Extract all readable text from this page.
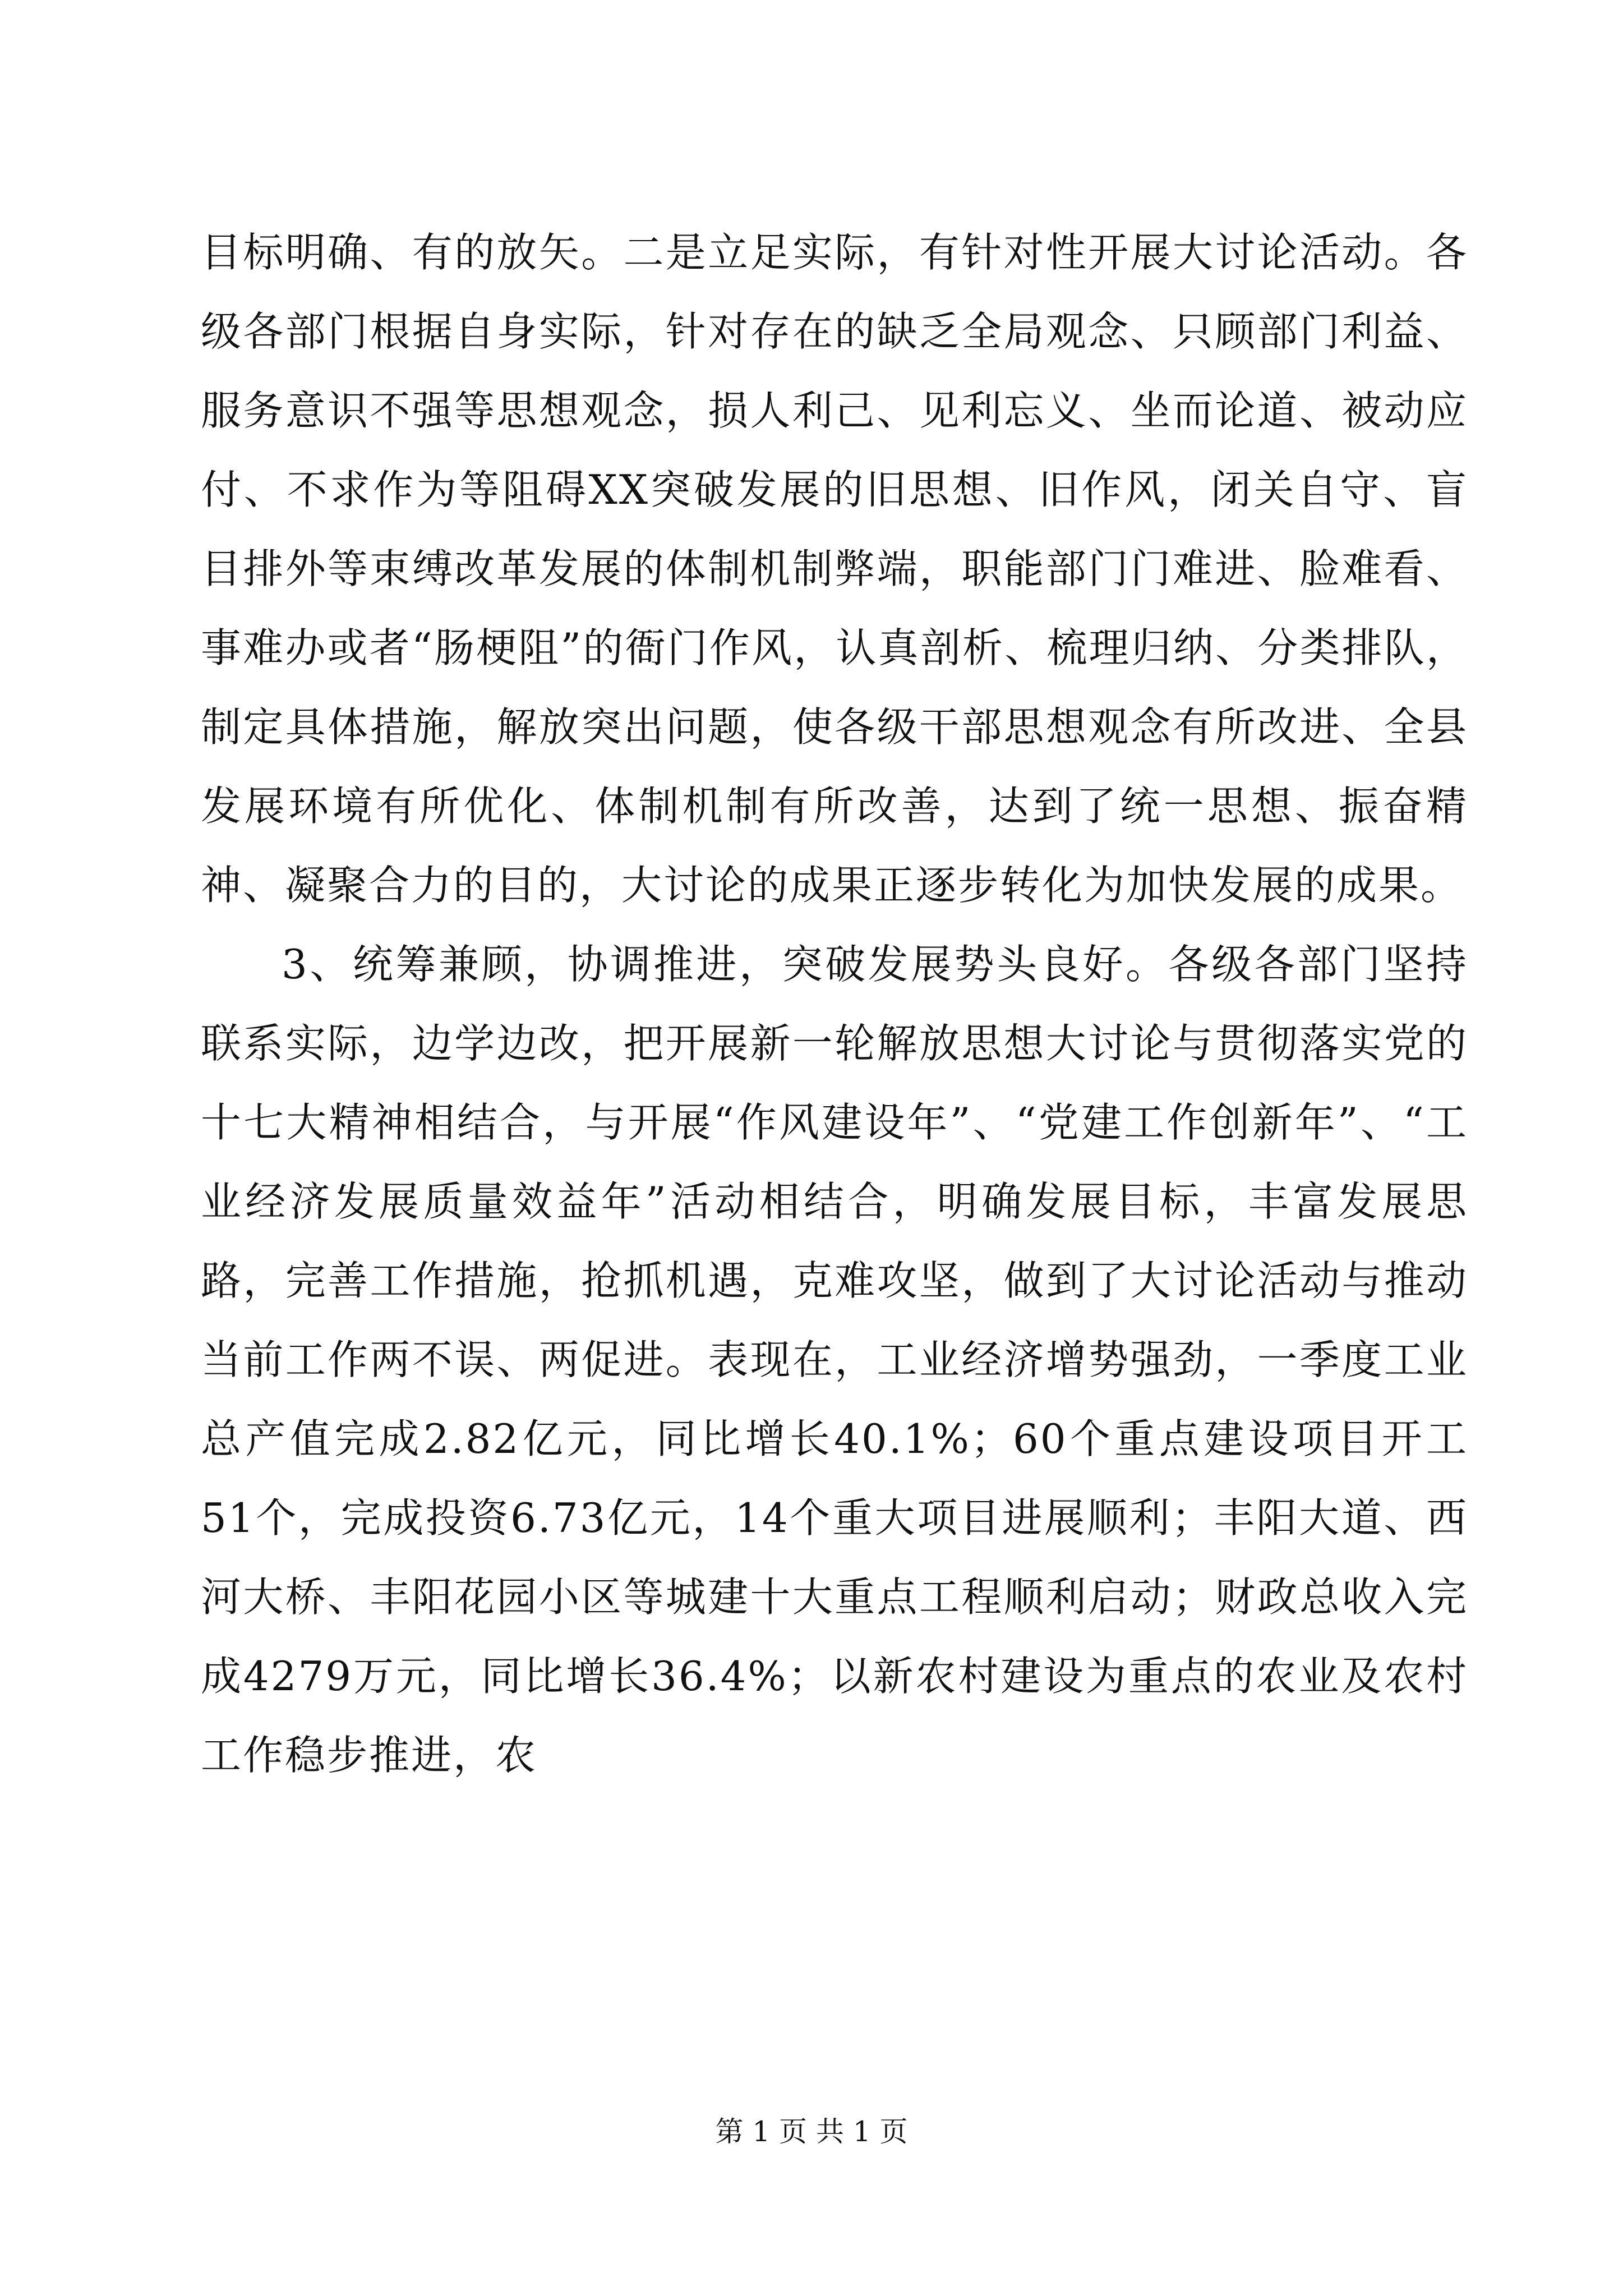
目标明确、有的放矢。二是立足实际，有针对性开展大讨论活动。各级各部门根据自身实际，针对存在的缺乏全局观念、只顾部门利益、服务意识不强等思想观念，损人利己、见利忘义、坐而论道、被动应付、不求作为等阻碍XX突破发展的旧思想、旧作风，闭关自守、盲目排外等束缚改革发展的体制机制弊端，职能部门门难进、脸难看、事难办或者“肠梗阻”的衙门作风，认真剖析、梳理归纳、分类排队，制定具体措施，解放突出问题，使各级干部思想观念有所改进、全县发展环境有所优化、体制机制有所改善，达到了统一思想、振奋精神、凝聚合力的目的，大讨论的成果正逐步转化为加快发展的成果。

3、统筹兼顾，协调推进，突破发展势头良好。各级各部门坚持联系实际，边学边改，把开展新一轮解放思想大讨论与贯彻落实党的十七大精神相结合，与开展“作风建设年”、“党建工作创新年”、“工业经济发展质量效益年”活动相结合，明确发展目标，丰富发展思路，完善工作措施，抢抓机遇，克难攻坚，做到了大讨论活动与推动当前工作两不误、两促进。表现在，工业经济增势强劲，一季度工业总产值完成2.82亿元，同比增长40.1%；60个重点建设项目开工51个，完成投资6.73亿元，14个重大项目进展顺利；丰阳大道、西河大桥、丰阳花园小区等城建十大重点工程顺利启动；财政总收入完成4279万元，同比增长36.4%；以新农村建设为重点的农业及农村工作稳步推进，农

第 1 页 共 1 页
